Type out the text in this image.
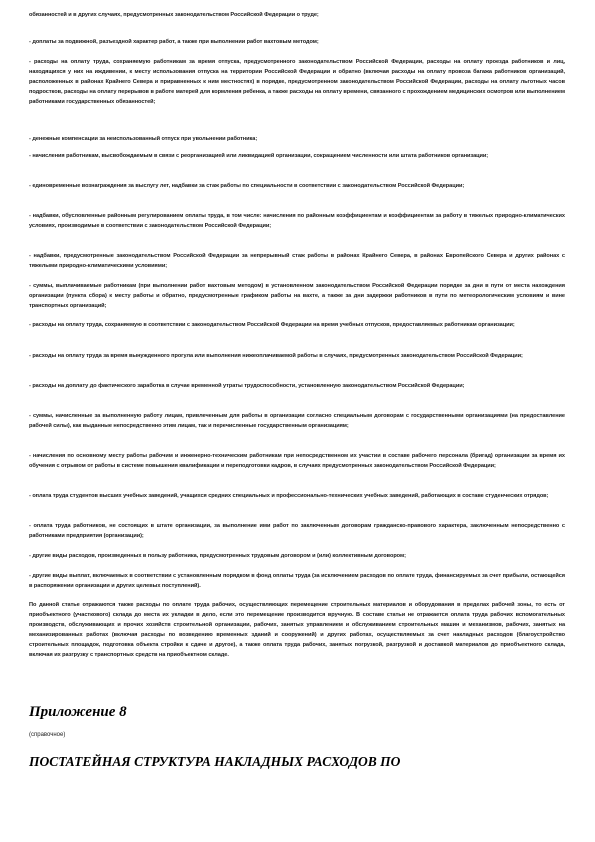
обязанностей и в других случаях, предусмотренных законодательством Российской Федерации о труде;

- доплаты за подвижной, разъездной характер работ, а также при выполнении работ вахтовым методом;

- расходы на оплату труда, сохраняемую работникам за время отпуска, предусмотренного законодательством Российской Федерации, расходы на оплату проезда работников и лиц, находящихся у них на иждивении, к месту использования отпуска на территории Российской Федерации и обратно (включая расходы на оплату провоза багажа работников организаций, расположенных в районах Крайнего Севера и приравненных к ним местностях) в порядке, предусмотренном законодательством Российской Федерации, расходы на оплату льготных часов подростков, расходы на оплату перерывов в работе матерей для кормления ребенка, а также расходы на оплату времени, связанного с прохождением медицинских осмотров или выполнением работниками государственных обязанностей;

- денежные компенсации за неиспользованный отпуск при увольнении работника;

- начисления работникам, высвобождаемым в связи с реорганизацией или ликвидацией организации, сокращением численности или штата работников организации;

- единовременные вознаграждения за выслугу лет, надбавки за стаж работы по специальности в соответствии с законодательством Российской Федерации;

- надбавки, обусловленные районным регулированием оплаты труда, в том числе: начисления по районным коэффициентам и коэффициентам за работу в тяжелых природно-климатических условиях, производимые в соответствии с законодательством Российской Федерации;

- надбавки, предусмотренные законодательством Российской Федерации за непрерывный стаж работы в районах Крайнего Севера, в районах Европейского Севера и других районах с тяжелыми природно-климатическими условиями;

- суммы, выплачиваемые работникам (при выполнении работ вахтовым методом) в установленном законодательством Российской Федерации порядке за дни в пути от места нахождения организации (пункта сбора) к месту работы и обратно, предусмотренные графиком работы на вахте, а также за дни задержки работников в пути по метеорологическим условиям и вине транспортных организаций;

- расходы на оплату труда, сохраняемую в соответствии с законодательством Российской Федерации на время учебных отпусков, предоставляемых работникам организации;

- расходы на оплату труда за время вынужденного прогула или выполнения нижеоплачиваемой работы в случаях, предусмотренных законодательством Российской Федерации;

- расходы на доплату до фактического заработка в случае временной утраты трудоспособности, установленную законодательством Российской Федерации;

- суммы, начисленные за выполненную работу лицам, привлеченным для работы в организации согласно специальным договорам с государственными организациями (на предоставление рабочей силы), как выданные непосредственно этим лицам, так и перечисленные государственным организациям;

- начисления по основному месту работы рабочим и инженерно-техническим работникам при непосредственном их участии в составе рабочего персонала (бригад) организации за время их обучения с отрывом от работы в системе повышения квалификации и переподготовки кадров, в случаях предусмотренных законодательством Российской Федерации;

- оплата труда студентов высших учебных заведений, учащихся средних специальных и профессионально-технических учебных заведений, работающих в составе студенческих отрядов;

- оплата труда работников, не состоящих в штате организации, за выполнение ими работ по заключенным договорам гражданско-правового характера, заключенным непосредственно с работниками предприятия (организации);

- другие виды расходов, произведенных в пользу работника, предусмотренных трудовым договором и (или) коллективным договором;

- другие виды выплат, включаемых в соответствии с установленным порядком в фонд оплаты труда (за исключением расходов по оплате труда, финансируемых за счет прибыли, остающейся в распоряжении организации и других целевых поступлений).

По данной статье отражаются также расходы по оплате труда рабочих, осуществляющих перемещение строительных материалов и оборудования в пределах рабочей зоны, то есть от приобъектного (участкового) склада до места их укладки в дело, если это перемещение производится вручную. В составе статьи не отражается оплата труда рабочих вспомогательных производств, обслуживающих и прочих хозяйств строительной организации, рабочих, занятых управлением и обслуживанием строительных машин и механизмов, рабочих, занятых на механизированных работах (включая расходы по возведению временных зданий и сооружений) и других работах, осуществляемых за счет накладных расходов (благоустройство строительных площадок, подготовка объекта стройки к сдаче и другое), а также оплата труда рабочих, занятых погрузкой, разгрузкой и доставкой материалов до приобъектного склада, включая их разгрузку с транспортных средств на приобъектном складе.

Приложение 8

(справочное)

ПОСТАТЕЙНАЯ СТРУКТУРА НАКЛАДНЫХ РАСХОДОВ ПО
